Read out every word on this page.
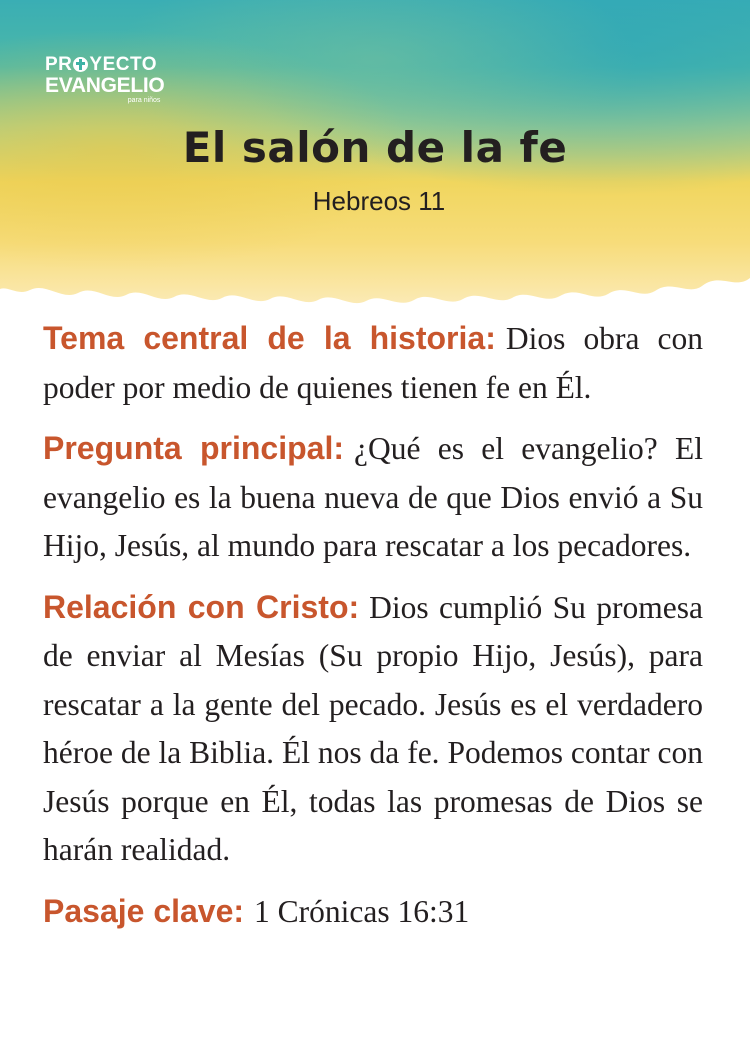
PR YECTO
EVANGELIO
para niños
El salón de la fe
Hebreos 11

Tema central de la historia: Dios obra con poder por medio de quienes tienen fe en Él.

Pregunta principal: ¿Qué es el evangelio? El evangelio es la buena nueva de que Dios envió a Su Hijo, Jesús, al mundo para rescatar a los pecadores.

Relación con Cristo: Dios cumplió Su promesa de enviar al Mesías (Su propio Hijo, Jesús), para rescatar a la gente del pecado. Jesús es el verdadero héroe de la Biblia. Él nos da fe. Podemos contar con Jesús porque en Él, todas las promesas de Dios se harán realidad.

Pasaje clave: 1 Crónicas 16:31
